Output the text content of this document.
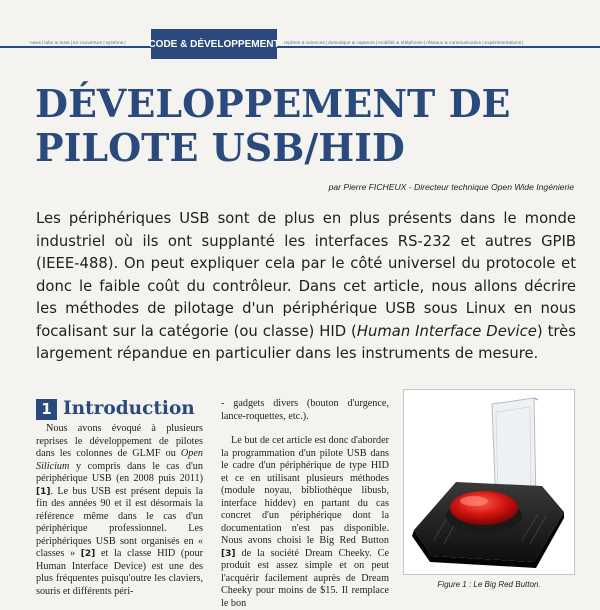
news|labo & tests|en couverture|système| CODE & DÉVELOPPEMENT repères & sciences|domotique & capteurs|mobilité & téléphonie|réseaux & communication|expérimentations|
DÉVELOPPEMENT DE
PILOTE USB/HID
par Pierre FICHEUX - Directeur technique Open Wide Ingénierie

Les périphériques USB sont de plus en plus présents dans le monde industriel où ils ont supplanté les interfaces RS-232 et autres GPIB (IEEE-488). On peut expliquer cela par le côté universel du protocole et donc le faible coût du contrôleur. Dans cet article, nous allons décrire les méthodes de pilotage d'un périphérique USB sous Linux en nous focalisant sur la catégorie (ou classe) HID (Human Interface Device) très largement répandue en particulier dans les instruments de mesure.

1 Introduction

Nous avons évoqué à plusieurs reprises le développement de pilotes dans les colonnes de GLMF ou Open Silicium y compris dans le cas d'un périphérique USB (en 2008 puis 2011) [1]. Le bus USB est présent depuis la fin des années 90 et il est désormais la référence même dans le cas d'un périphérique professionnel. Les périphériques USB sont organisés en « classes » [2] et la classe HID (pour Human Interface Device) est une des plus fréquentes puisqu'outre les claviers, souris et différents péri-

- gadgets divers (bouton d'urgence, lance-roquettes, etc.).

Le but de cet article est donc d'aborder la programmation d'un pilote USB dans le cadre d'un périphérique de type HID et ce en utilisant plusieurs méthodes (module noyau, bibliothèque libusb, interface hiddev) en partant du cas concret d'un périphérique dont la documentation n'est pas disponible. Nous avons choisi le Big Red Button [3] de la société Dream Cheeky. Ce produit est assez simple et on peut l'acquérir facilement auprès de Dream Cheeky pour moins de $15. Il remplace le bon

Figure 1 : Le Big Red Button.
